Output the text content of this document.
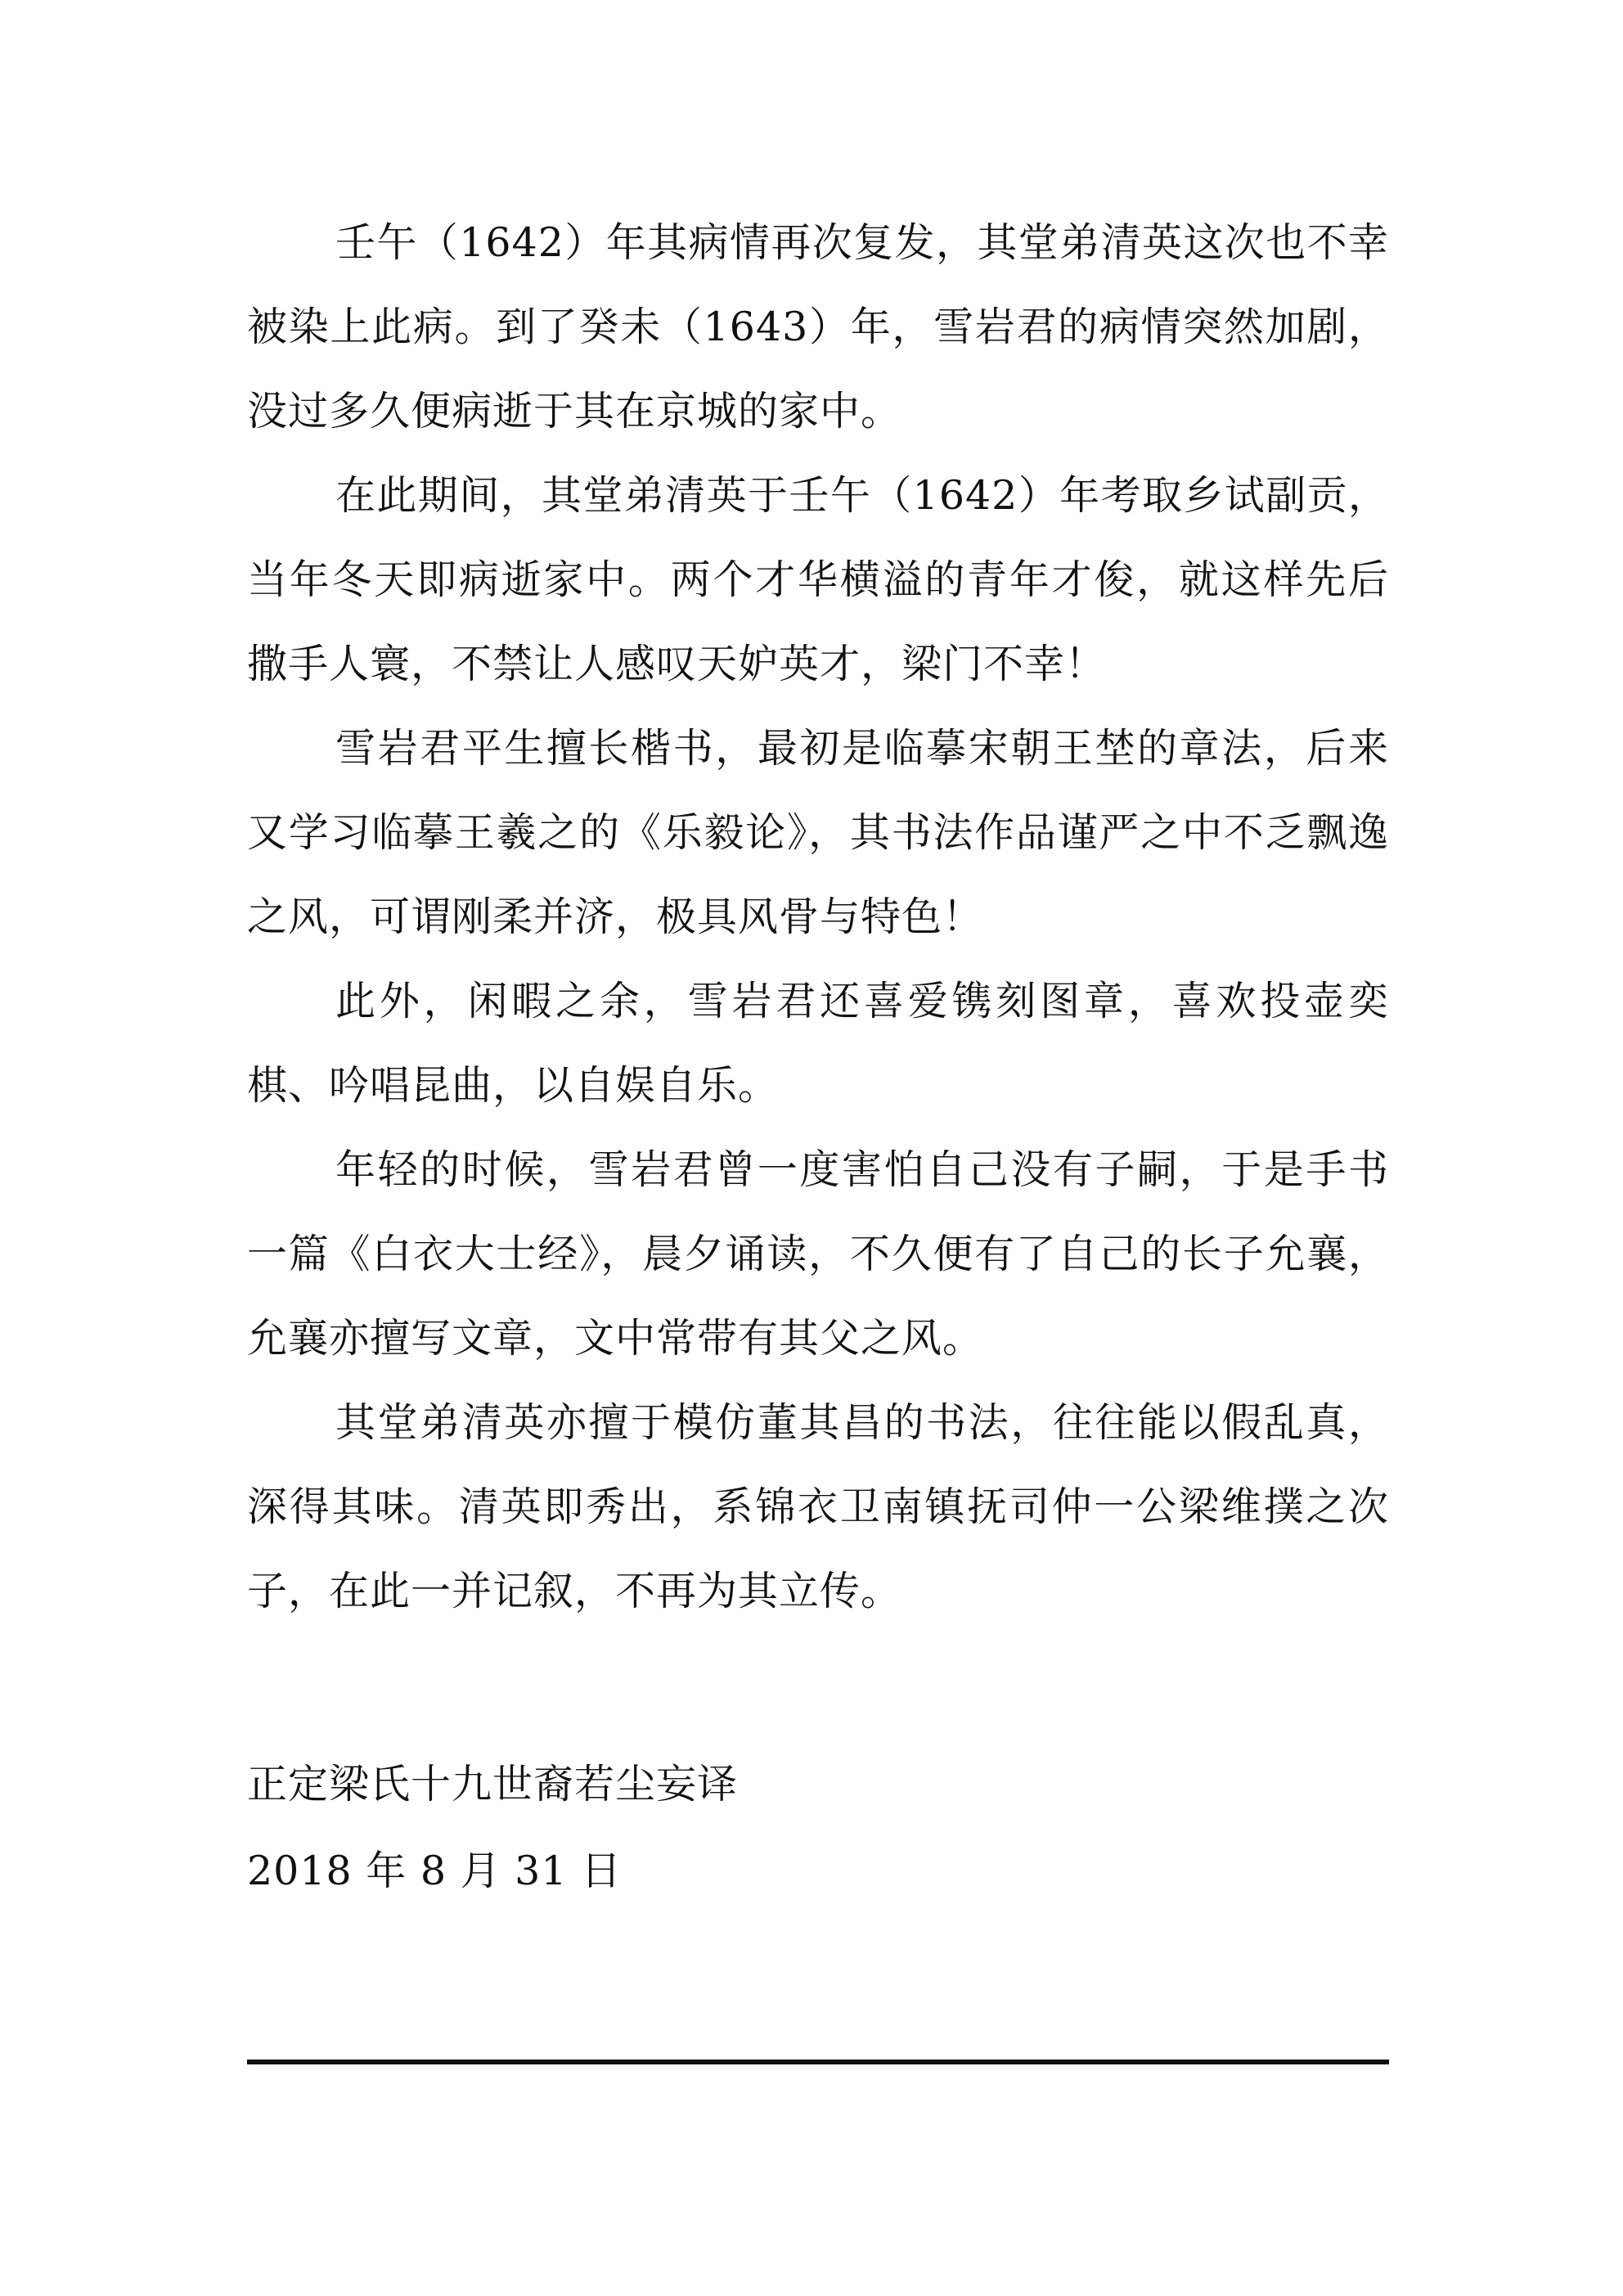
壬午（1642）年其病情再次复发，其堂弟清英这次也不幸被染上此病。到了癸未（1643）年，雪岩君的病情突然加剧，没过多久便病逝于其在京城的家中。

在此期间，其堂弟清英于壬午（1642）年考取乡试副贡，当年冬天即病逝家中。两个才华横溢的青年才俊，就这样先后撒手人寰，不禁让人感叹天妒英才，梁门不幸！

雪岩君平生擅长楷书，最初是临摹宋朝王埜的章法，后来又学习临摹王羲之的《乐毅论》，其书法作品谨严之中不乏飘逸之风，可谓刚柔并济，极具风骨与特色！

此外，闲暇之余，雪岩君还喜爱镌刻图章，喜欢投壶奕棋、吟唱昆曲，以自娱自乐。

年轻的时候，雪岩君曾一度害怕自己没有子嗣，于是手书一篇《白衣大士经》，晨夕诵读，不久便有了自己的长子允襄，允襄亦擅写文章，文中常带有其父之风。

其堂弟清英亦擅于模仿董其昌的书法，往往能以假乱真，深得其味。清英即秀出，系锦衣卫南镇抚司仲一公梁维撲之次子，在此一并记叙，不再为其立传。

正定梁氏十九世裔若尘妄译

2018 年 8 月 31 日
